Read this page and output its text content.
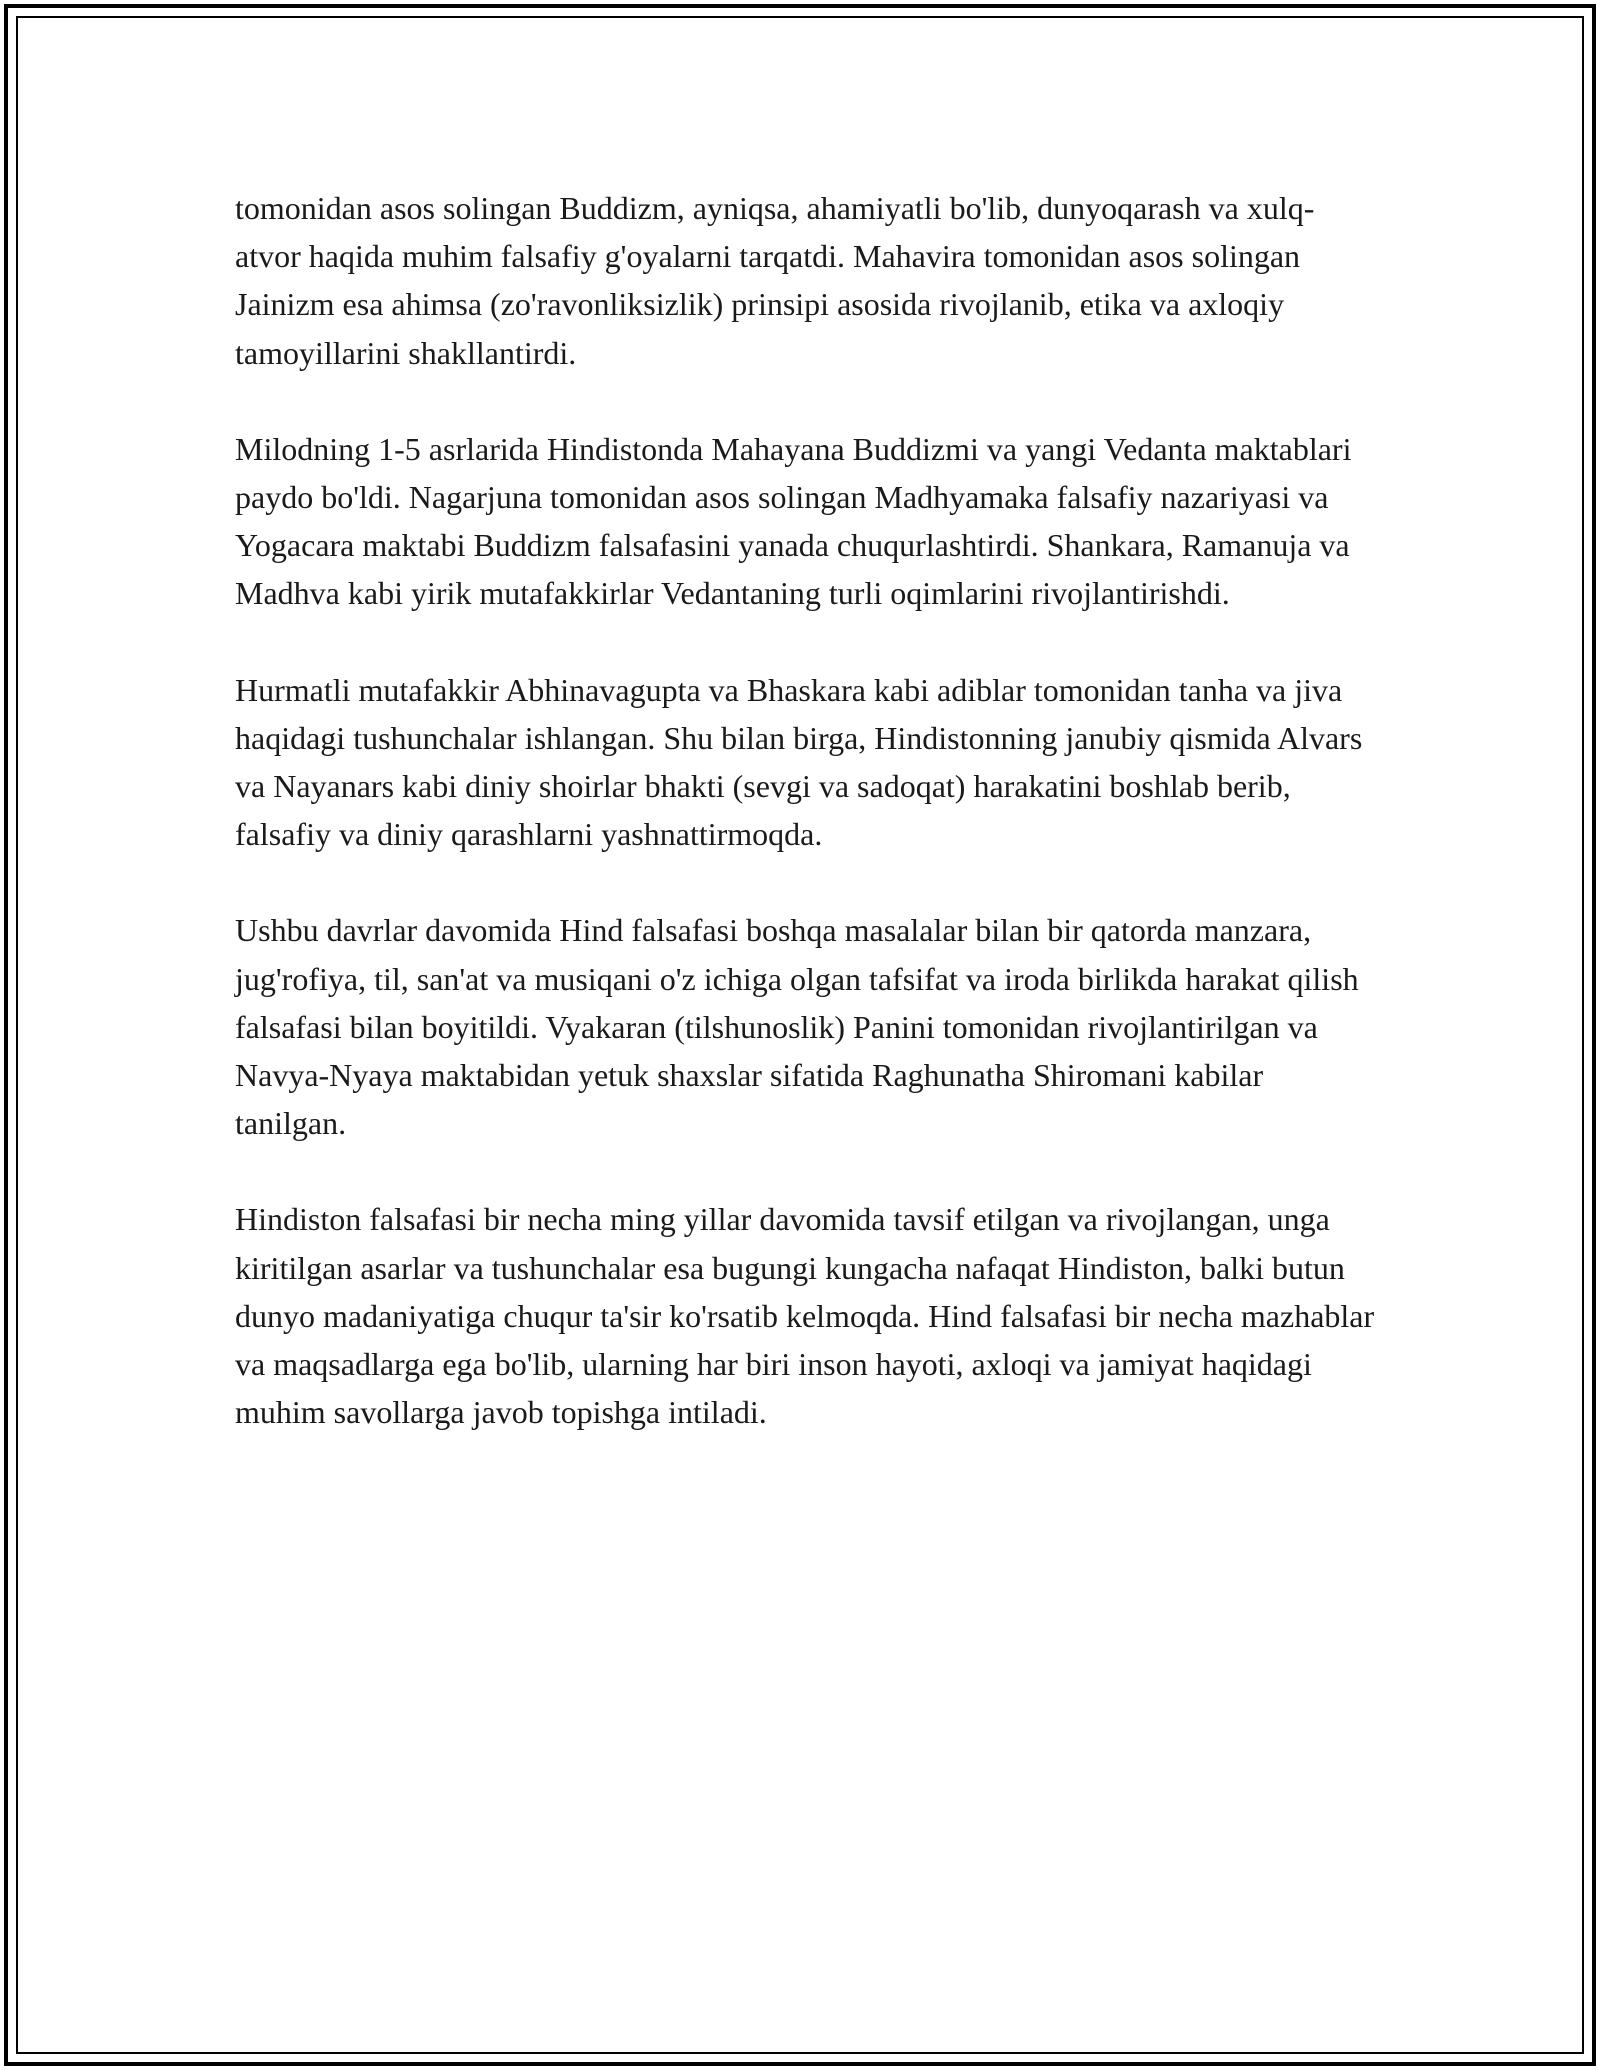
tomonidan asos solingan Buddizm, ayniqsa, ahamiyatli bo'lib, dunyoqarash va xulq-atvor haqida muhim falsafiy g'oyalarni tarqatdi. Mahavira tomonidan asos solingan Jainizm esa ahimsa (zo'ravonliksizlik) prinsipi asosida rivojlanib, etika va axloqiy tamoyillarini shakllantirdi.

Milodning 1-5 asrlarida Hindistonda Mahayana Buddizmi va yangi Vedanta maktablari paydo bo'ldi. Nagarjuna tomonidan asos solingan Madhyamaka falsafiy nazariyasi va Yogacara maktabi Buddizm falsafasini yanada chuqurlashtirdi. Shankara, Ramanuja va Madhva kabi yirik mutafakkirlar Vedantaning turli oqimlarini rivojlantirishdi.

Hurmatli mutafakkir Abhinavagupta va Bhaskara kabi adiblar tomonidan tanha va jiva haqidagi tushunchalar ishlangan. Shu bilan birga, Hindistonning janubiy qismida Alvars va Nayanars kabi diniy shoirlar bhakti (sevgi va sadoqat) harakatini boshlab berib, falsafiy va diniy qarashlarni yashnattirmoqda.

Ushbu davrlar davomida Hind falsafasi boshqa masalalar bilan bir qatorda manzara, jug'rofiya, til, san'at va musiqani o'z ichiga olgan tafsifat va iroda birlikda harakat qilish falsafasi bilan boyitildi. Vyakaran (tilshunoslik) Panini tomonidan rivojlantirilgan va Navya-Nyaya maktabidan yetuk shaxslar sifatida Raghunatha Shiromani kabilar tanilgan.

Hindiston falsafasi bir necha ming yillar davomida tavsif etilgan va rivojlangan, unga kiritilgan asarlar va tushunchalar esa bugungi kungacha nafaqat Hindiston, balki butun dunyo madaniyatiga chuqur ta'sir ko'rsatib kelmoqda. Hind falsafasi bir necha mazhablar va maqsadlarga ega bo'lib, ularning har biri inson hayoti, axloqi va jamiyat haqidagi muhim savollarga javob topishga intiladi.
